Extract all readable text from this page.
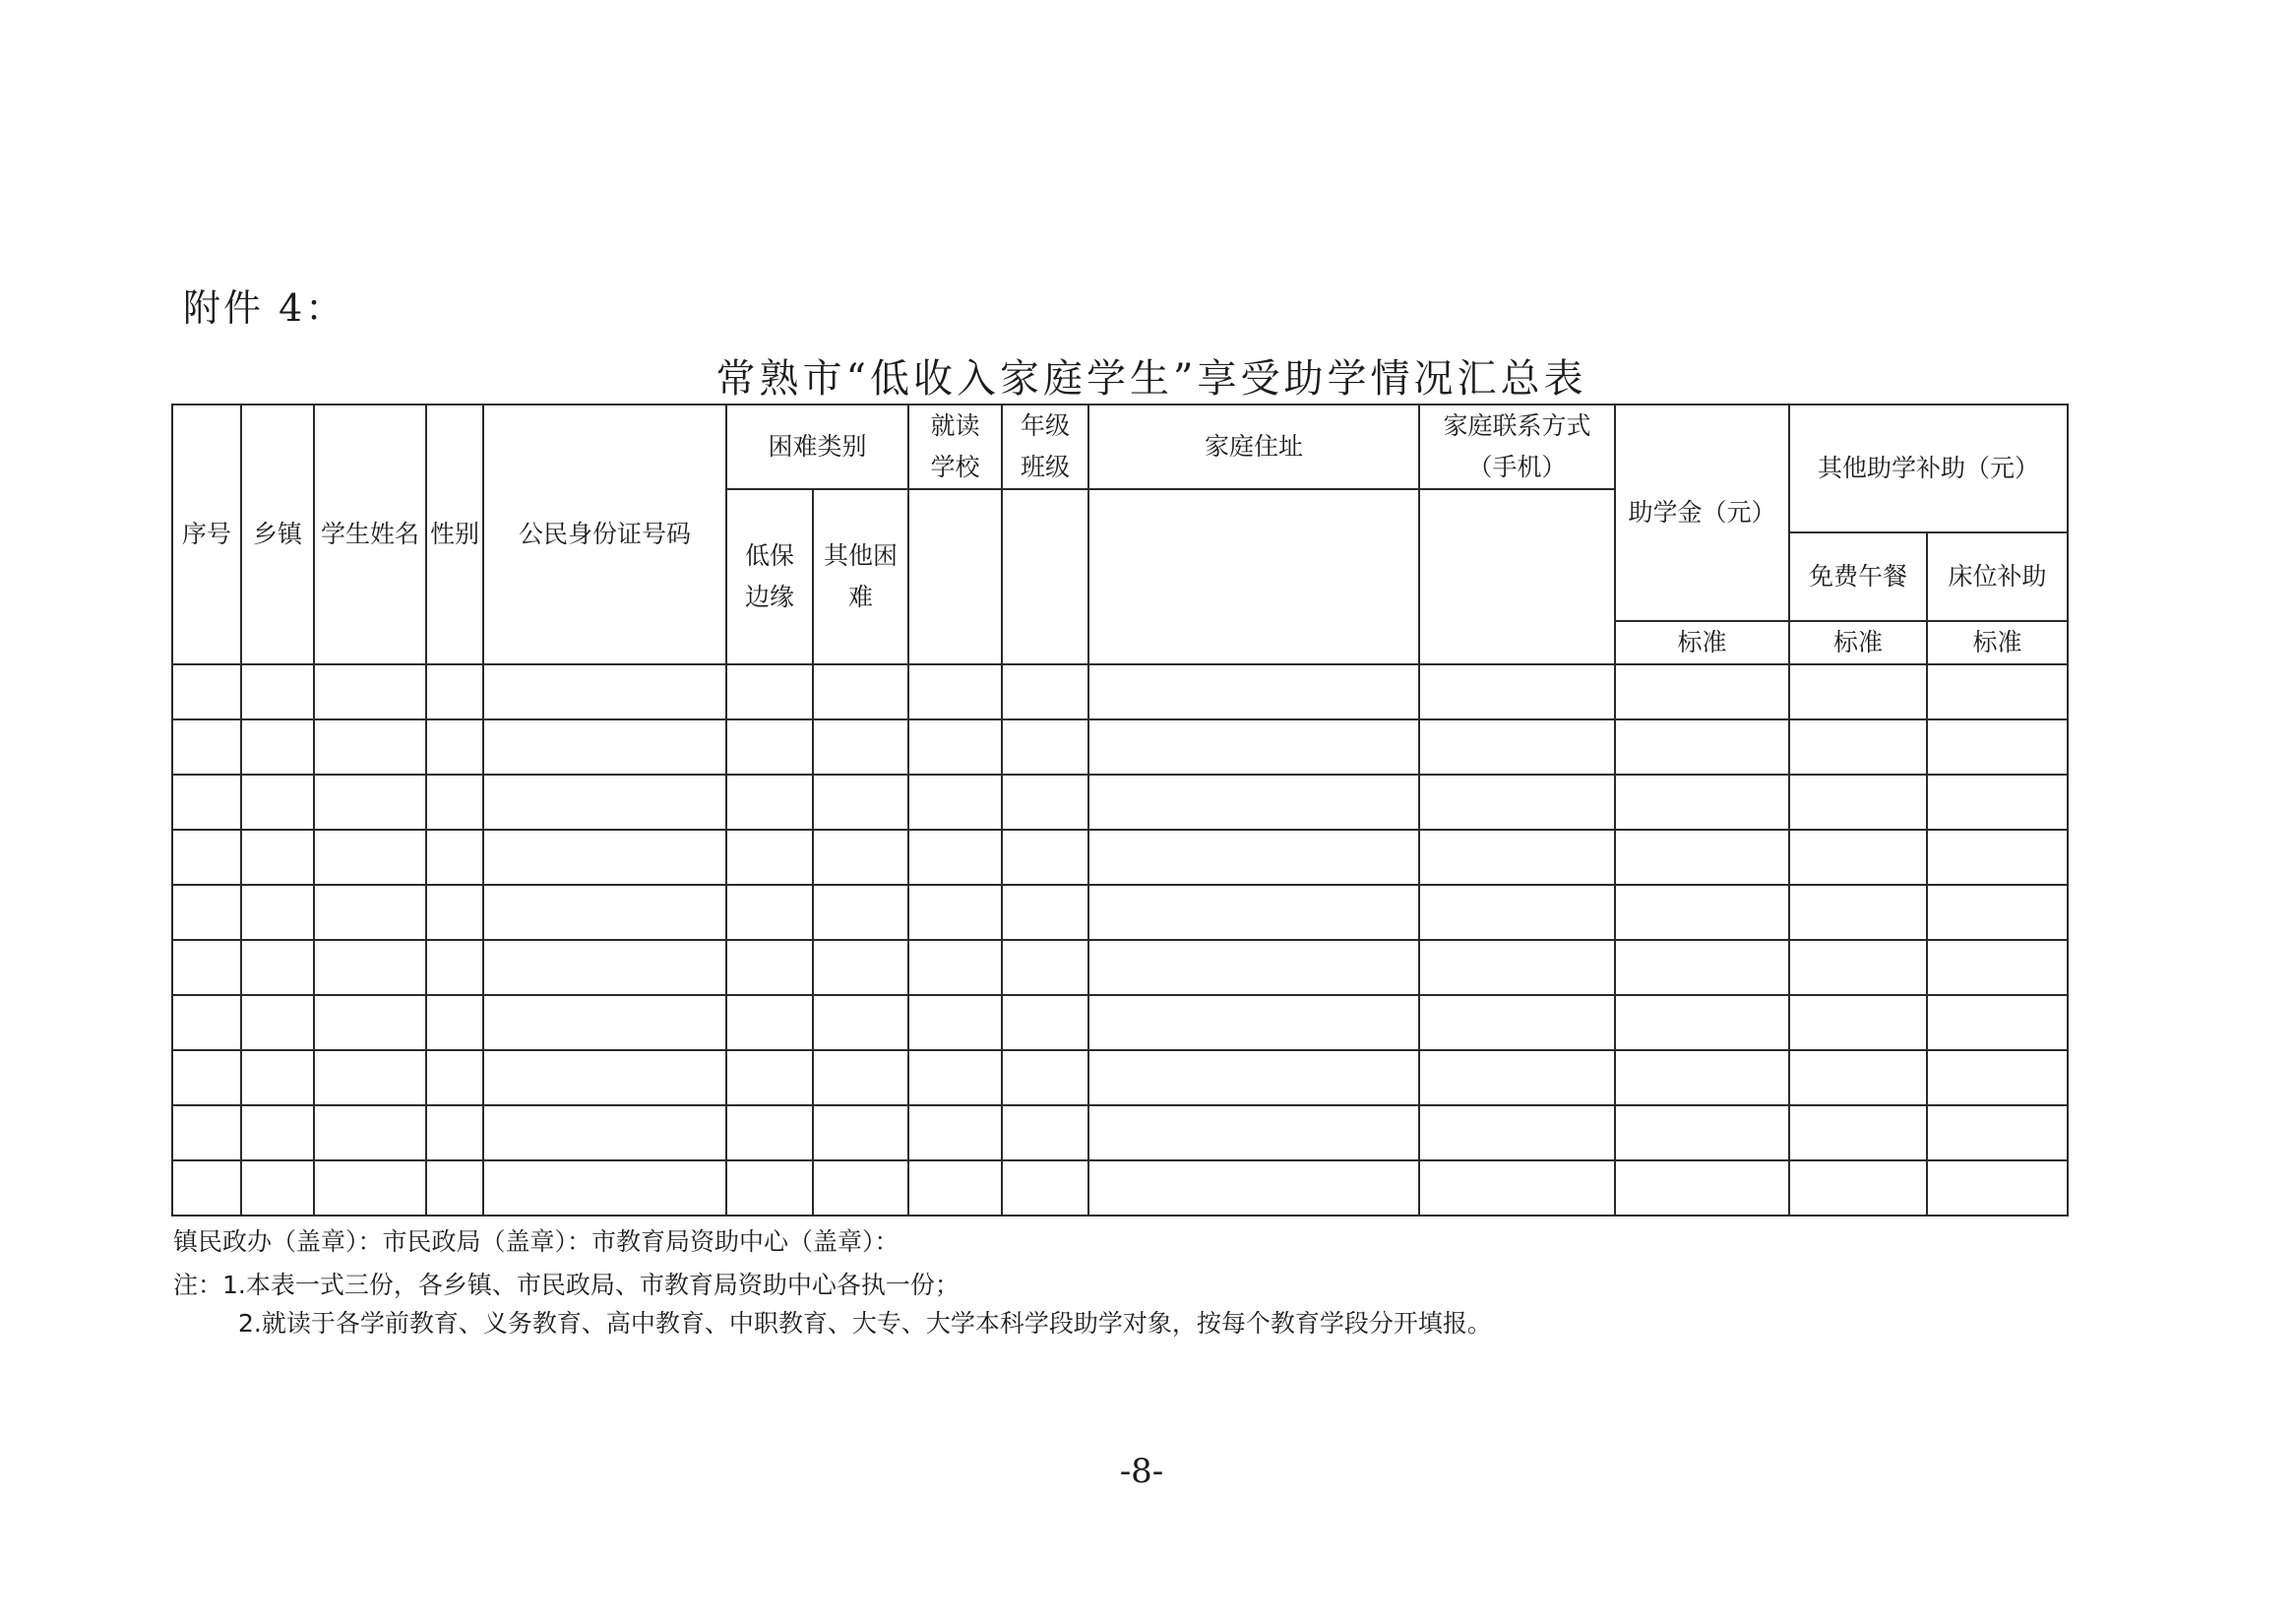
附件 4：
常熟市“低收入家庭学生”享受助学情况汇总表
序号	乡镇	学生姓名	性别	公民身份证号码	困难类别		就读学校	年级班级	家庭住址	家庭联系方式（手机）	助学金（元）	其他助学补助（元）	
					低保边缘	其他困难							
												免费午餐	床位补助
											标准	标准	标准

镇民政办（盖章）：市民政局（盖章）：市教育局资助中心（盖章）：
注：1.本表一式三份，各乡镇、市民政局、市教育局资助中心各执一份；
2.就读于各学前教育、义务教育、高中教育、中职教育、大专、大学本科学段助学对象，按每个教育学段分开填报。
-8-
